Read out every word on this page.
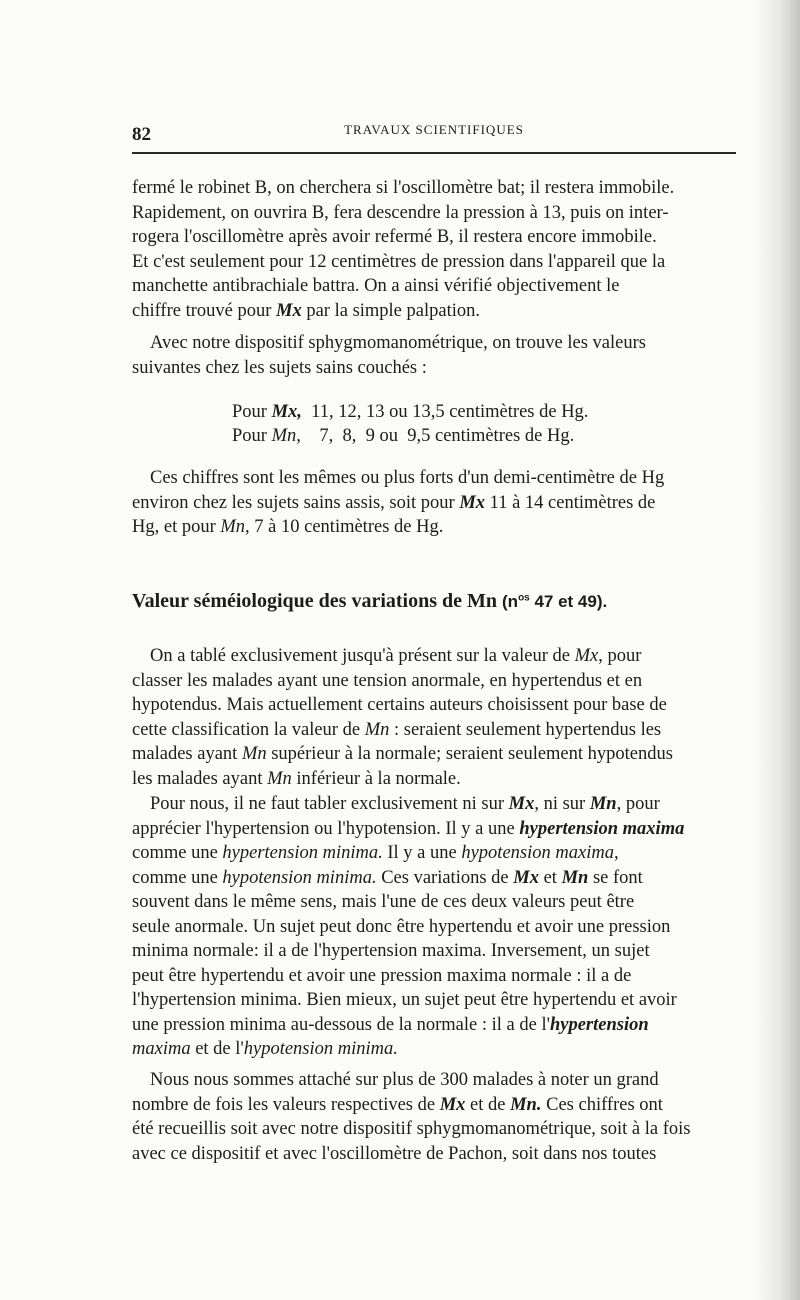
82	TRAVAUX SCIENTIFIQUES

fermé le robinet B, on cherchera si l'oscillomètre bat; il restera immobile.

Rapidement, on ouvrira B, fera descendre la pression à 13, puis on inter-

rogera l'oscillomètre après avoir refermé B, il restera encore immobile.

Et c'est seulement pour 12 centimètres de pression dans l'appareil que la

manchette antibrachiale battra. On a ainsi vérifié objectivement le

chiffre trouvé pour Mx par la simple palpation.

Avec notre dispositif sphygmomanométrique, on trouve les valeurs

suivantes chez les sujets sains couchés :

Pour Mx,  11, 12, 13 ou 13,5 centimètres de Hg.
Pour Mn,    7,  8,  9 ou  9,5 centimètres de Hg.

Ces chiffres sont les mêmes ou plus forts d'un demi-centimètre de Hg

environ chez les sujets sains assis, soit pour Mx 11 à 14 centimètres de

Hg, et pour Mn, 7 à 10 centimètres de Hg.

Valeur séméiologique des variations de Mn ($n^{os}$ 47 et 49).

On a tablé exclusivement jusqu'à présent sur la valeur de Mx, pour

classer les malades ayant une tension anormale, en hypertendus et en

hypotendus. Mais actuellement certains auteurs choisissent pour base de

cette classification la valeur de Mn : seraient seulement hypertendus les

malades ayant Mn supérieur à la normale; seraient seulement hypotendus

les malades ayant Mn inférieur à la normale.

Pour nous, il ne faut tabler exclusivement ni sur Mx, ni sur Mn, pour

apprécier l'hypertension ou l'hypotension. Il y a une hypertension maxima

comme une hypertension minima. Il y a une hypotension maxima,

comme une hypotension minima. Ces variations de Mx et Mn se font

souvent dans le même sens, mais l'une de ces deux valeurs peut être

seule anormale. Un sujet peut donc être hypertendu et avoir une pression

minima normale: il a de l'hypertension maxima. Inversement, un sujet

peut être hypertendu et avoir une pression maxima normale : il a de

l'hypertension minima. Bien mieux, un sujet peut être hypertendu et avoir

une pression minima au-dessous de la normale : il a de l'hypertension

maxima et de l'hypotension minima.

Nous nous sommes attaché sur plus de 300 malades à noter un grand

nombre de fois les valeurs respectives de Mx et de Mn. Ces chiffres ont

été recueillis soit avec notre dispositif sphygmomanométrique, soit à la fois

avec ce dispositif et avec l'oscillomètre de Pachon, soit dans nos toutes
